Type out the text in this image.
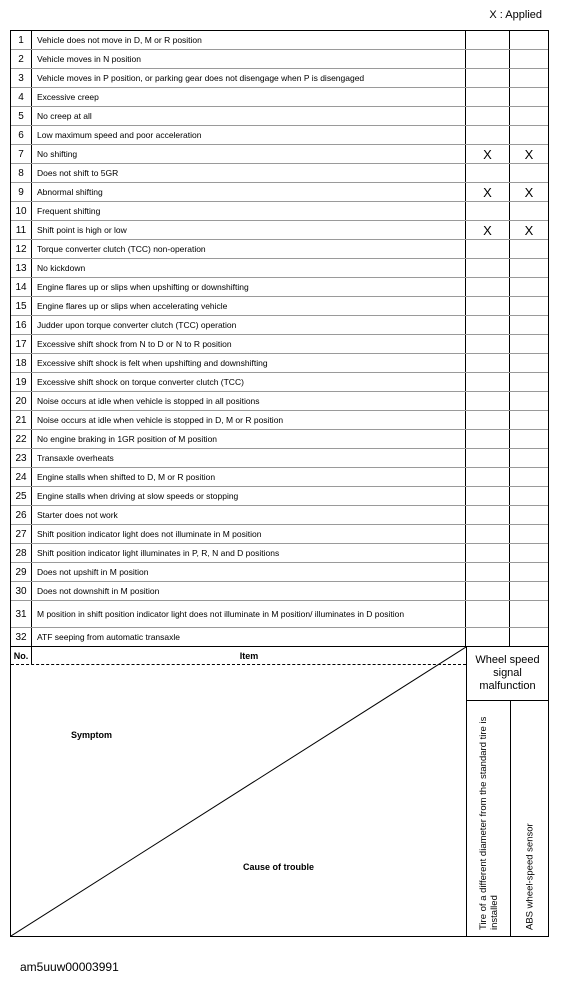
X : Applied
1	Vehicle does not move in D, M or R position
2	Vehicle moves in N position
3	Vehicle moves in P position, or parking gear does not disengage when P is disengaged
4	Excessive creep
5	No creep at all
6	Low maximum speed and poor acceleration
7	No shifting	X	X
8	Does not shift to 5GR
9	Abnormal shifting	X	X
10	Frequent shifting
11	Shift point is high or low	X	X
12	Torque converter clutch (TCC) non-operation
13	No kickdown
14	Engine flares up or slips when upshifting or downshifting
15	Engine flares up or slips when accelerating vehicle
16	Judder upon torque converter clutch (TCC) operation
17	Excessive shift shock from N to D or N to R position
18	Excessive shift shock is felt when upshifting and downshifting
19	Excessive shift shock on torque converter clutch (TCC)
20	Noise occurs at idle when vehicle is stopped in all positions
21	Noise occurs at idle when vehicle is stopped in D, M or R position
22	No engine braking in 1GR position of M position
23	Transaxle overheats
24	Engine stalls when shifted to D, M or R position
25	Engine stalls when driving at slow speeds or stopping
26	Starter does not work
27	Shift position indicator light does not illuminate in M position
28	Shift position indicator light illuminates in P, R, N and D positions
29	Does not upshift in M position
30	Does not downshift in M position
31	M position in shift position indicator light does not illuminate in M position/ illuminates in D position
32	ATF seeping from automatic transaxle
No.	Item
Symptom
Cause of trouble
Wheel speed signal malfunction
Tire of a different diameter from the standard tire is installed	ABS wheel-speed sensor
am5uuw00003991
